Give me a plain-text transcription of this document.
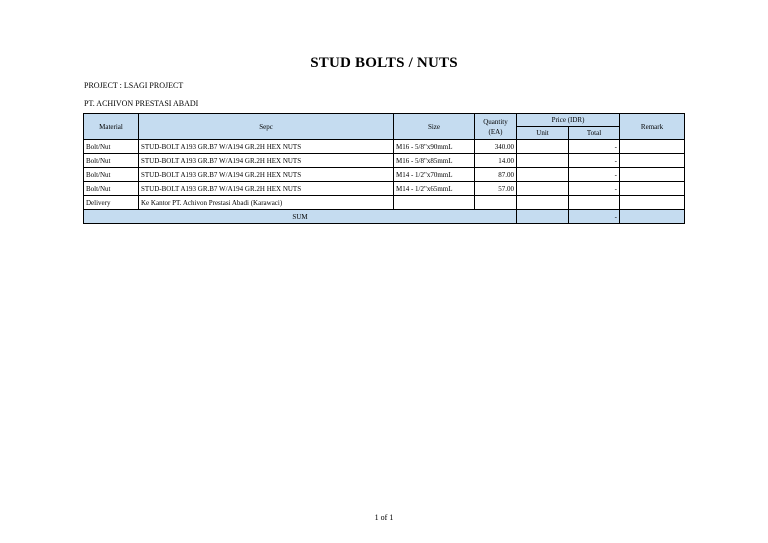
STUD BOLTS / NUTS
PROJECT : LSAGI PROJECT
PT. ACHIVON PRESTASI ABADI
Material	Sepc	Size	Quantity (EA)	Price (IDR)		Remark
				Unit	Total	
Bolt/Nut	STUD-BOLT A193 GR.B7 W/A194 GR.2H HEX NUTS	M16 - 5/8"x90mmL	340.00		-	
Bolt/Nut	STUD-BOLT A193 GR.B7 W/A194 GR.2H HEX NUTS	M16 - 5/8"x85mmL	14.00		-	
Bolt/Nut	STUD-BOLT A193 GR.B7 W/A194 GR.2H HEX NUTS	M14 - 1/2"x70mmL	87.00		-	
Bolt/Nut	STUD-BOLT A193 GR.B7 W/A194 GR.2H HEX NUTS	M14 - 1/2"x65mmL	57.00		-	
Delivery	Ke Kantor PT. Achivon Prestasi Abadi (Karawaci)					
SUM					-	
1 of 1
